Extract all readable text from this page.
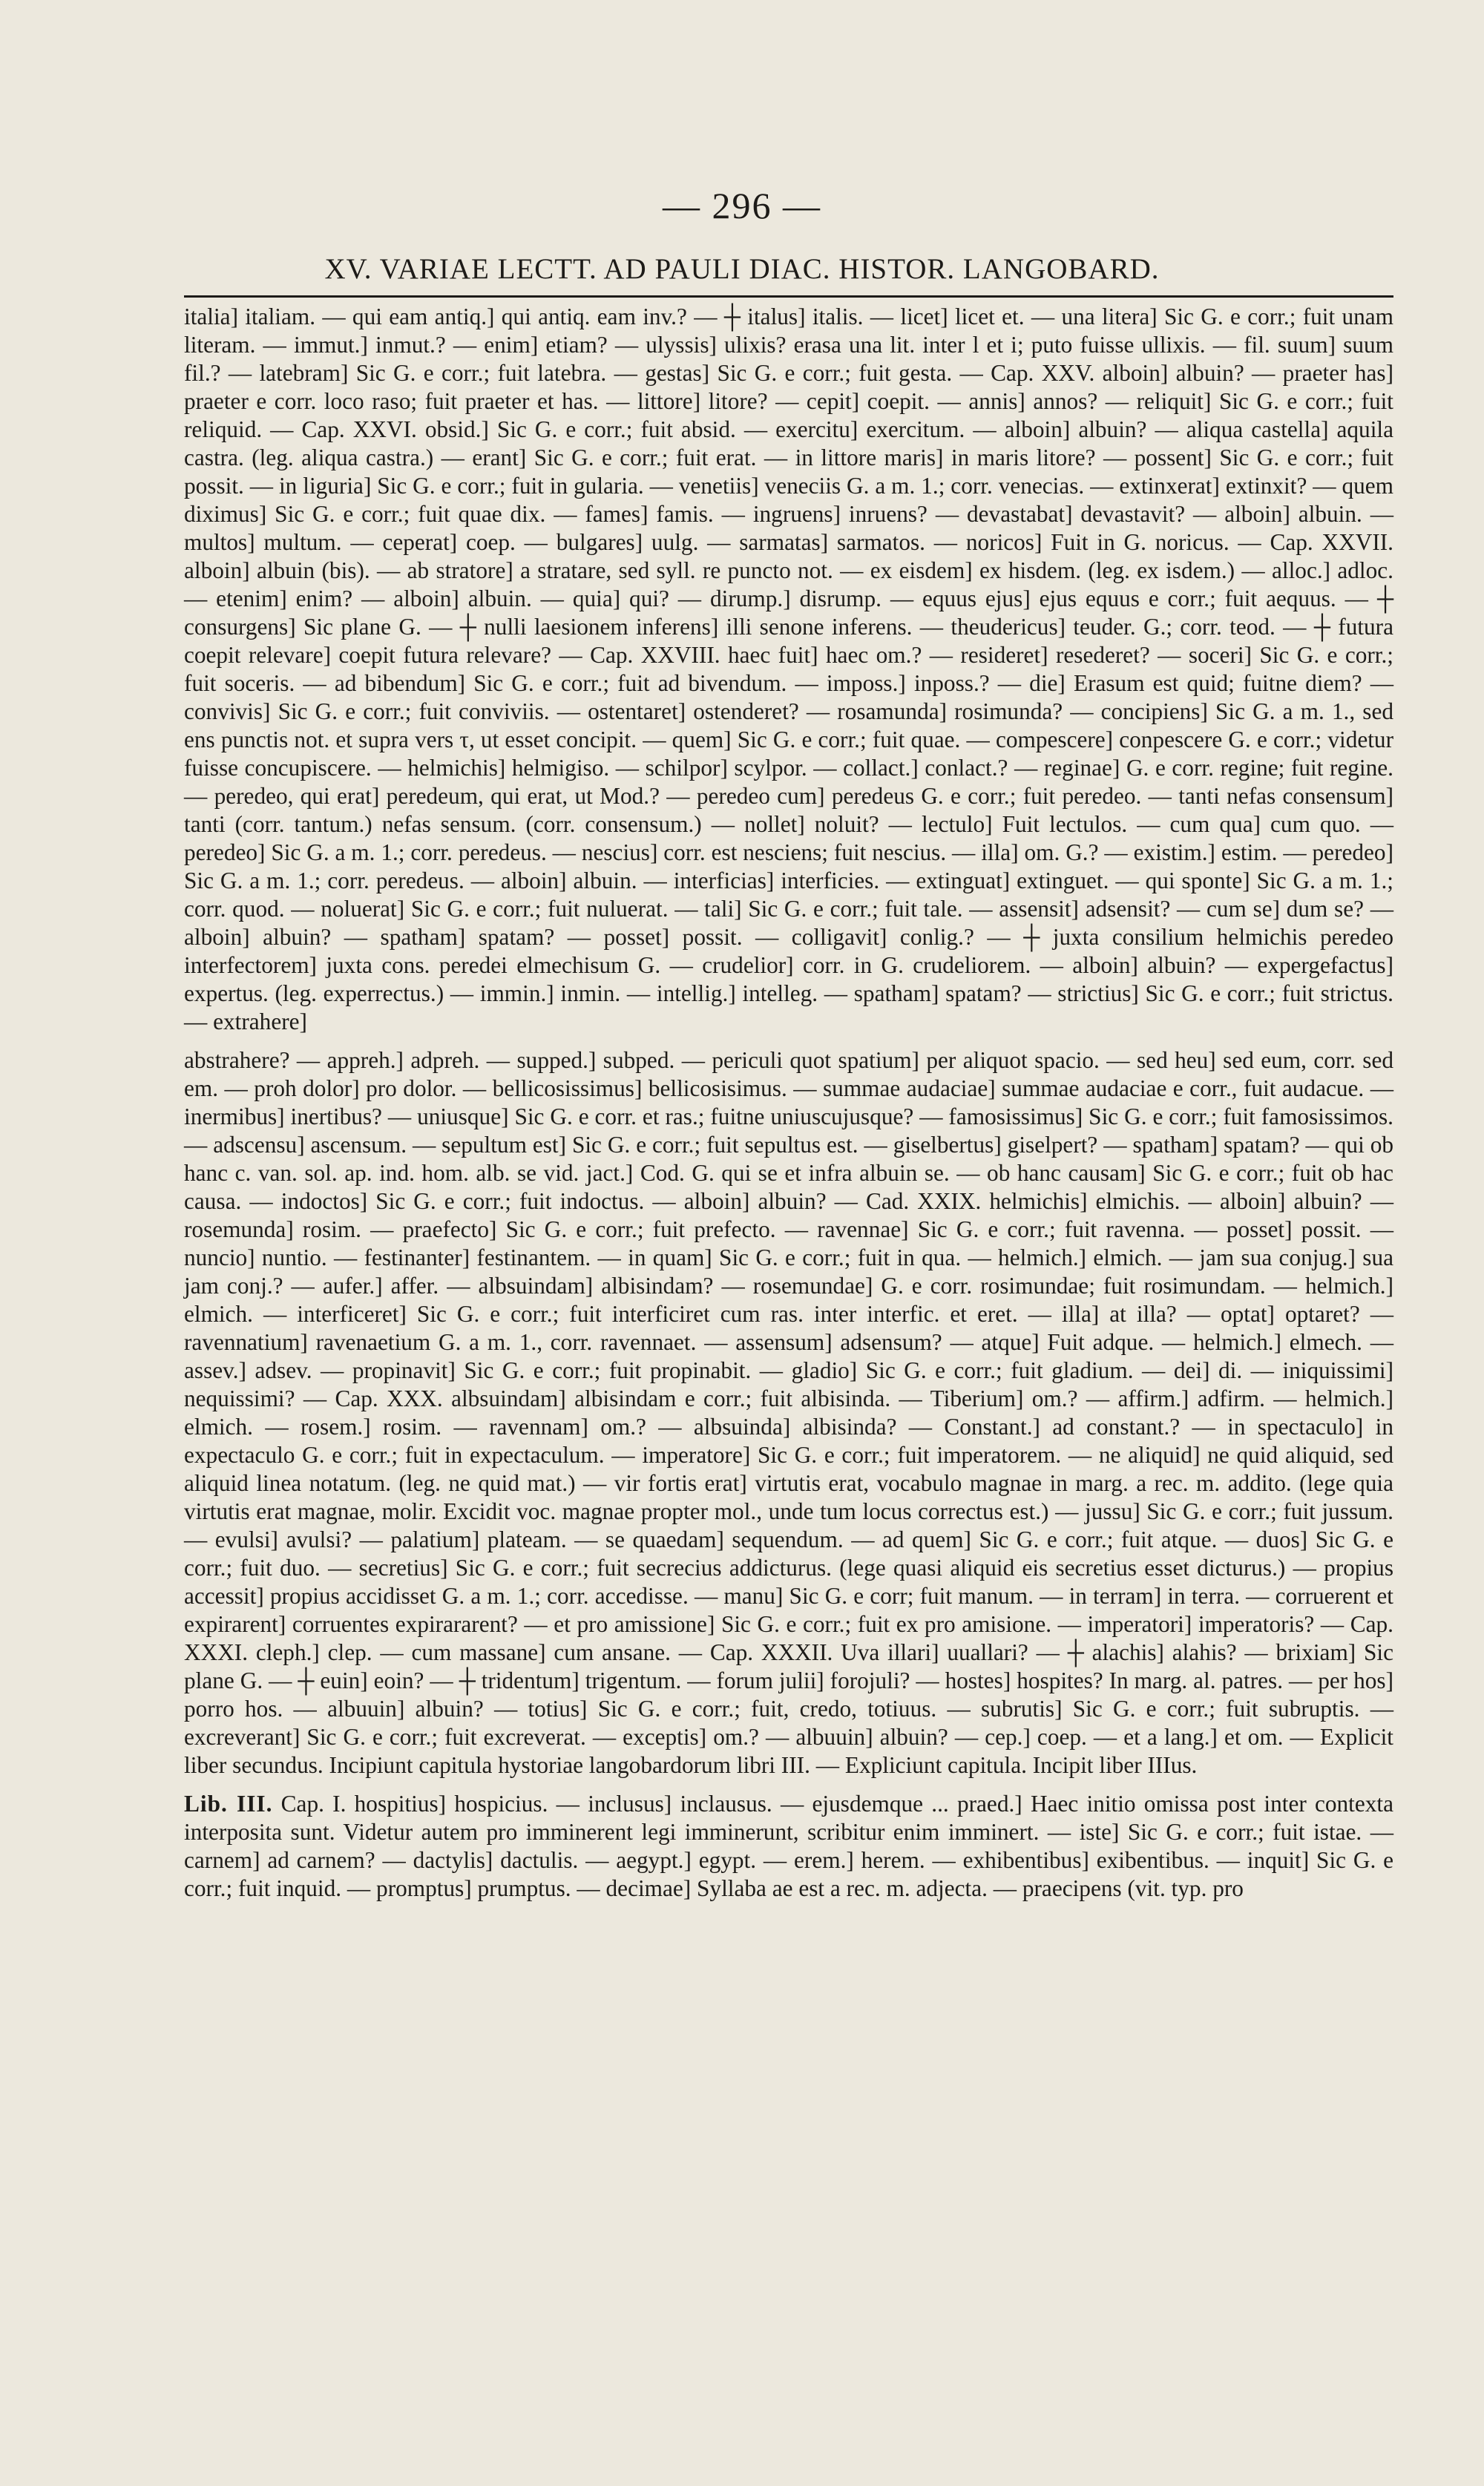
— 296 —
XV. VARIAE LECTT. AD PAULI DIAC. HISTOR. LANGOBARD.

italia] italiam. — qui eam antiq.] qui antiq. eam inv.? — ┼ italus] italis. — licet] licet et. — una litera] Sic G. e corr.; fuit unam literam. — immut.] inmut.? — enim] etiam? — ulyssis] ulixis? erasa una lit. inter l et i; puto fuisse ullixis. — fil. suum] suum fil.? — latebram] Sic G. e corr.; fuit latebra. — gestas] Sic G. e corr.; fuit gesta. — Cap. XXV. alboin] albuin? — praeter has] praeter e corr. loco raso; fuit praeter et has. — littore] litore? — cepit] coepit. — annis] annos? — reliquit] Sic G. e corr.; fuit reliquid. — Cap. XXVI. obsid.] Sic G. e corr.; fuit absid. — exercitu] exercitum. — alboin] albuin? — aliqua castella] aquila castra. (leg. aliqua castra.) — erant] Sic G. e corr.; fuit erat. — in littore maris] in maris litore? — possent] Sic G. e corr.; fuit possit. — in liguria] Sic G. e corr.; fuit in gularia. — venetiis] veneciis G. a m. 1.; corr. venecias. — extinxerat] extinxit? — quem diximus] Sic G. e corr.; fuit quae dix. — fames] famis. — ingruens] inruens? — devastabat] devastavit? — alboin] albuin. — multos] multum. — ceperat] coep. — bulgares] uulg. — sarmatas] sarmatos. — noricos] Fuit in G. noricus. — Cap. XXVII. alboin] albuin (bis). — ab stratore] a stratare, sed syll. re puncto not. — ex eisdem] ex hisdem. (leg. ex isdem.) — alloc.] adloc. — etenim] enim? — alboin] albuin. — quia] qui? — dirump.] disrump. — equus ejus] ejus equus e corr.; fuit aequus. — ┼ consurgens] Sic plane G. — ┼ nulli laesionem inferens] illi senone inferens. — theudericus] teuder. G.; corr. teod. — ┼ futura coepit relevare] coepit futura relevare? — Cap. XXVIII. haec fuit] haec om.? — resideret] resederet? — soceri] Sic G. e corr.; fuit soceris. — ad bibendum] Sic G. e corr.; fuit ad bivendum. — imposs.] inposs.? — die] Erasum est quid; fuitne diem? — convivis] Sic G. e corr.; fuit conviviis. — ostentaret] ostenderet? — rosamunda] rosimunda? — concipiens] Sic G. a m. 1., sed ens punctis not. et supra vers τ, ut esset concipit. — quem] Sic G. e corr.; fuit quae. — compescere] conpescere G. e corr.; videtur fuisse concupiscere. — helmichis] helmigiso. — schilpor] scylpor. — collact.] conlact.? — reginae] G. e corr. regine; fuit regine. — peredeo, qui erat] peredeum, qui erat, ut Mod.? — peredeo cum] peredeus G. e corr.; fuit peredeo. — tanti nefas consensum] tanti (corr. tantum.) nefas sensum. (corr. consensum.) — nollet] noluit? — lectulo] Fuit lectulos. — cum qua] cum quo. — peredeo] Sic G. a m. 1.; corr. peredeus. — nescius] corr. est nesciens; fuit nescius. — illa] om. G.? — existim.] estim. — peredeo] Sic G. a m. 1.; corr. peredeus. — alboin] albuin. — interficias] interficies. — extinguat] extinguet. — qui sponte] Sic G. a m. 1.; corr. quod. — noluerat] Sic G. e corr.; fuit nuluerat. — tali] Sic G. e corr.; fuit tale. — assensit] adsensit? — cum se] dum se? — alboin] albuin? — spatham] spatam? — posset] possit. — colligavit] conlig.? — ┼ juxta consilium helmichis peredeo interfectorem] juxta cons. peredei elmechisum G. — crudelior] corr. in G. crudeliorem. — alboin] albuin? — expergefactus] expertus. (leg. experrectus.) — immin.] inmin. — intellig.] intelleg. — spatham] spatam? — strictius] Sic G. e corr.; fuit strictus. — extrahere]

abstrahere? — appreh.] adpreh. — supped.] subped. — periculi quot spatium] per aliquot spacio. — sed heu] sed eum, corr. sed em. — proh dolor] pro dolor. — bellicosissimus] bellicosisimus. — summae audaciae] summae audaciae e corr., fuit audacue. — inermibus] inertibus? — uniusque] Sic G. e corr. et ras.; fuitne uniuscujusque? — famosissimus] Sic G. e corr.; fuit famosissimos. — adscensu] ascensum. — sepultum est] Sic G. e corr.; fuit sepultus est. — giselbertus] giselpert? — spatham] spatam? — qui ob hanc c. van. sol. ap. ind. hom. alb. se vid. jact.] Cod. G. qui se et infra albuin se. — ob hanc causam] Sic G. e corr.; fuit ob hac causa. — indoctos] Sic G. e corr.; fuit indoctus. — alboin] albuin? — Cad. XXIX. helmichis] elmichis. — alboin] albuin? — rosemunda] rosim. — praefecto] Sic G. e corr.; fuit prefecto. — ravennae] Sic G. e corr.; fuit ravenna. — posset] possit. — nuncio] nuntio. — festinanter] festinantem. — in quam] Sic G. e corr.; fuit in qua. — helmich.] elmich. — jam sua conjug.] sua jam conj.? — aufer.] affer. — albsuindam] albisindam? — rosemundae] G. e corr. rosimundae; fuit rosimundam. — helmich.] elmich. — interficeret] Sic G. e corr.; fuit interficiret cum ras. inter interfic. et eret. — illa] at illa? — optat] optaret? — ravennatium] ravenaetium G. a m. 1., corr. ravennaet. — assensum] adsensum? — atque] Fuit adque. — helmich.] elmech. — assev.] adsev. — propinavit] Sic G. e corr.; fuit propinabit. — gladio] Sic G. e corr.; fuit gladium. — dei] di. — iniquissimi] nequissimi? — Cap. XXX. albsuindam] albisindam e corr.; fuit albisinda. — Tiberium] om.? — affirm.] adfirm. — helmich.] elmich. — rosem.] rosim. — ravennam] om.? — albsuinda] albisinda? — Constant.] ad constant.? — in spectaculo] in expectaculo G. e corr.; fuit in expectaculum. — imperatore] Sic G. e corr.; fuit imperatorem. — ne aliquid] ne quid aliquid, sed aliquid linea notatum. (leg. ne quid mat.) — vir fortis erat] virtutis erat, vocabulo magnae in marg. a rec. m. addito. (lege quia virtutis erat magnae, molir. Excidit voc. magnae propter mol., unde tum locus correctus est.) — jussu] Sic G. e corr.; fuit jussum. — evulsi] avulsi? — palatium] plateam. — se quaedam] sequendum. — ad quem] Sic G. e corr.; fuit atque. — duos] Sic G. e corr.; fuit duo. — secretius] Sic G. e corr.; fuit secrecius addicturus. (lege quasi aliquid eis secretius esset dicturus.) — propius accessit] propius accidisset G. a m. 1.; corr. accedisse. — manu] Sic G. e corr; fuit manum. — in terram] in terra. — corruerent et expirarent] corruentes expirararent? — et pro amissione] Sic G. e corr.; fuit ex pro amisione. — imperatori] imperatoris? — Cap. XXXI. cleph.] clep. — cum massane] cum ansane. — Cap. XXXII. Uva illari] uuallari? — ┼ alachis] alahis? — brixiam] Sic plane G. — ┼ euin] eoin? — ┼ tridentum] trigentum. — forum julii] forojuli? — hostes] hospites? In marg. al. patres. — per hos] porro hos. — albuuin] albuin? — totius] Sic G. e corr.; fuit, credo, totiuus. — subrutis] Sic G. e corr.; fuit subruptis. — excreverant] Sic G. e corr.; fuit excreverat. — exceptis] om.? — albuuin] albuin? — cep.] coep. — et a lang.] et om. — Explicit liber secundus. Incipiunt capitula hystoriae langobardorum libri III. — Expliciunt capitula. Incipit liber IIIus.

Lib. III. Cap. I. hospitius] hospicius. — inclusus] inclausus. — ejusdemque ... praed.] Haec initio omissa post inter contexta interposita sunt. Videtur autem pro imminerent legi imminerunt, scribitur enim imminert. — iste] Sic G. e corr.; fuit istae. — carnem] ad carnem? — dactylis] dactulis. — aegypt.] egypt. — erem.] herem. — exhibentibus] exibentibus. — inquit] Sic G. e corr.; fuit inquid. — promptus] prumptus. — decimae] Syllaba ae est a rec. m. adjecta. — praecipens (vit. typ. pro
